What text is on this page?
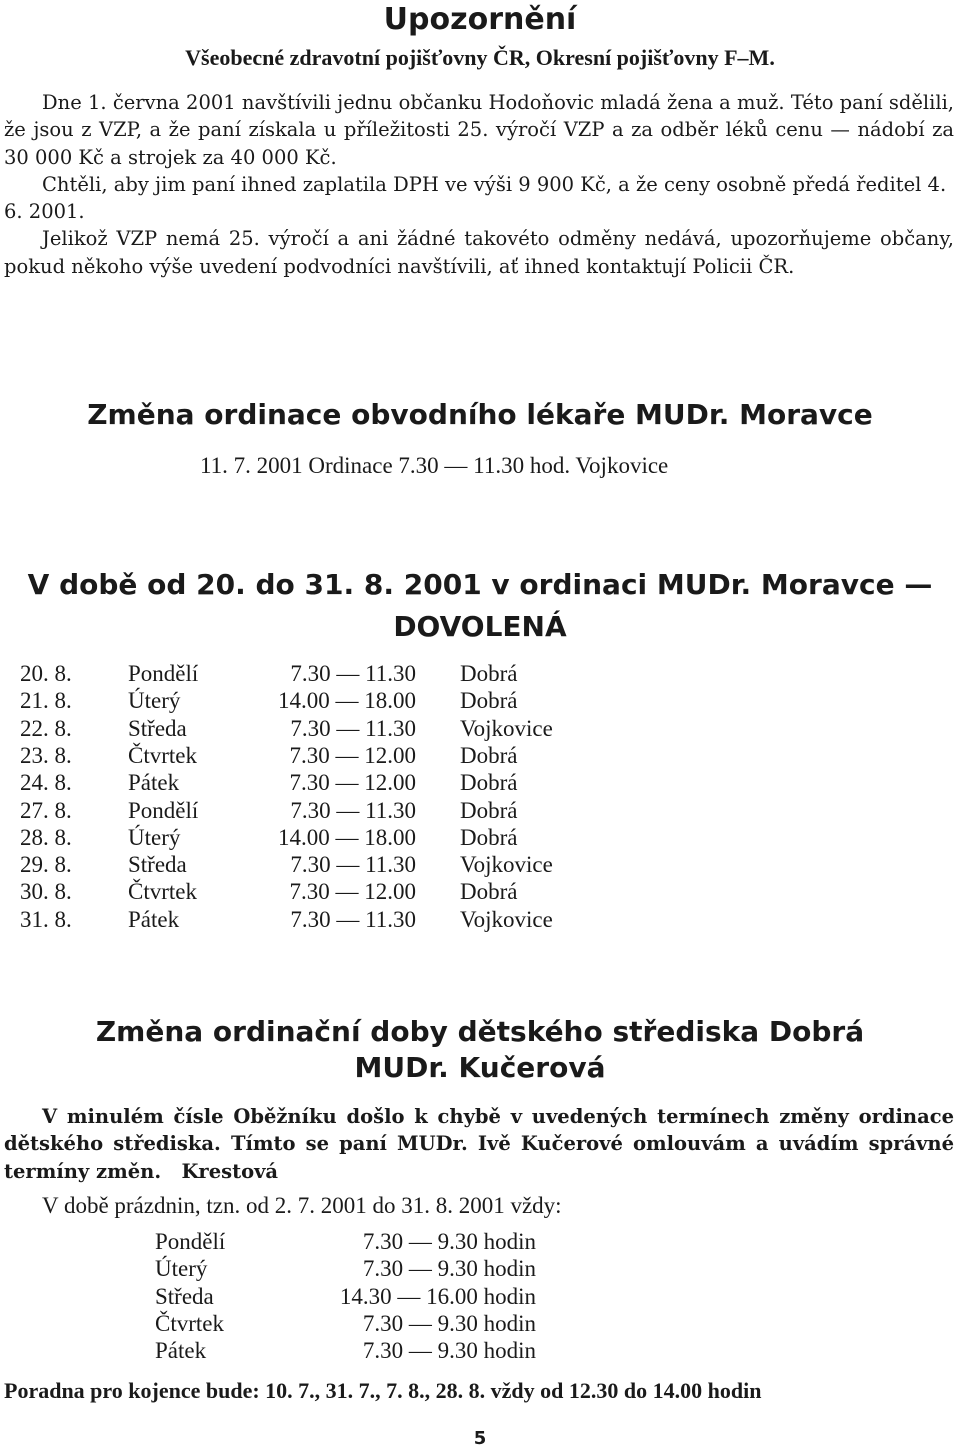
Upozornění
Všeobecné zdravotní pojišťovny ČR, Okresní pojišťovny F–M.

Dne 1. června 2001 navštívili jednu občanku Hodoňovic mladá žena a muž. Této paní sdělili, že jsou z VZP, a že paní získala u příležitosti 25. výročí VZP a za odběr léků cenu — nádobí za 30 000 Kč a strojek za 40 000 Kč.

Chtěli, aby jim paní ihned zaplatila DPH ve výši 9 900 Kč, a že ceny osobně předá ředitel 4. 6. 2001.

Jelikož VZP nemá 25. výročí a ani žádné takovéto odměny nedává, upozorňujeme občany, pokud někoho výše uvedení podvodníci navštívili, ať ihned kontaktují Policii ČR.

Změna ordinace obvodního lékaře MUDr. Moravce
11. 7. 2001 Ordinace 7.30 — 11.30 hod. Vojkovice
V době od 20. do 31. 8. 2001 v ordinaci MUDr. Moravce —
DOVOLENÁ
20. 8. Pondělí	7.30 — 11.30 Dobrá
21. 8. Úterý	14.00 — 18.00 Dobrá
22. 8. Středa	7.30 — 11.30 Vojkovice
23. 8. Čtvrtek	7.30 — 12.00 Dobrá
24. 8. Pátek	7.30 — 12.00 Dobrá
27. 8. Pondělí	7.30 — 11.30 Dobrá
28. 8. Úterý	14.00 — 18.00 Dobrá
29. 8. Středa	7.30 — 11.30 Vojkovice
30. 8. Čtvrtek	7.30 — 12.00 Dobrá
31. 8. Pátek	7.30 — 11.30 Vojkovice
Změna ordinační doby dětského střediska Dobrá
MUDr. Kučerová
V minulém čísle Oběžníku došlo k chybě v uvedených termínech změny ordinace dětského střediska. Tímto se paní MUDr. Ivě Kučerové omlouvám a uvádím správné termíny změn. Krestová
V době prázdnin, tzn. od 2. 7. 2001 do 31. 8. 2001 vždy:
Pondělí	7.30 — 9.30 hodin
Úterý	7.30 — 9.30 hodin
Středa	14.30 — 16.00 hodin
Čtvrtek	7.30 — 9.30 hodin
Pátek	7.30 — 9.30 hodin
Poradna pro kojence bude: 10. 7., 31. 7., 7. 8., 28. 8. vždy od 12.30 do 14.00 hodin
5
